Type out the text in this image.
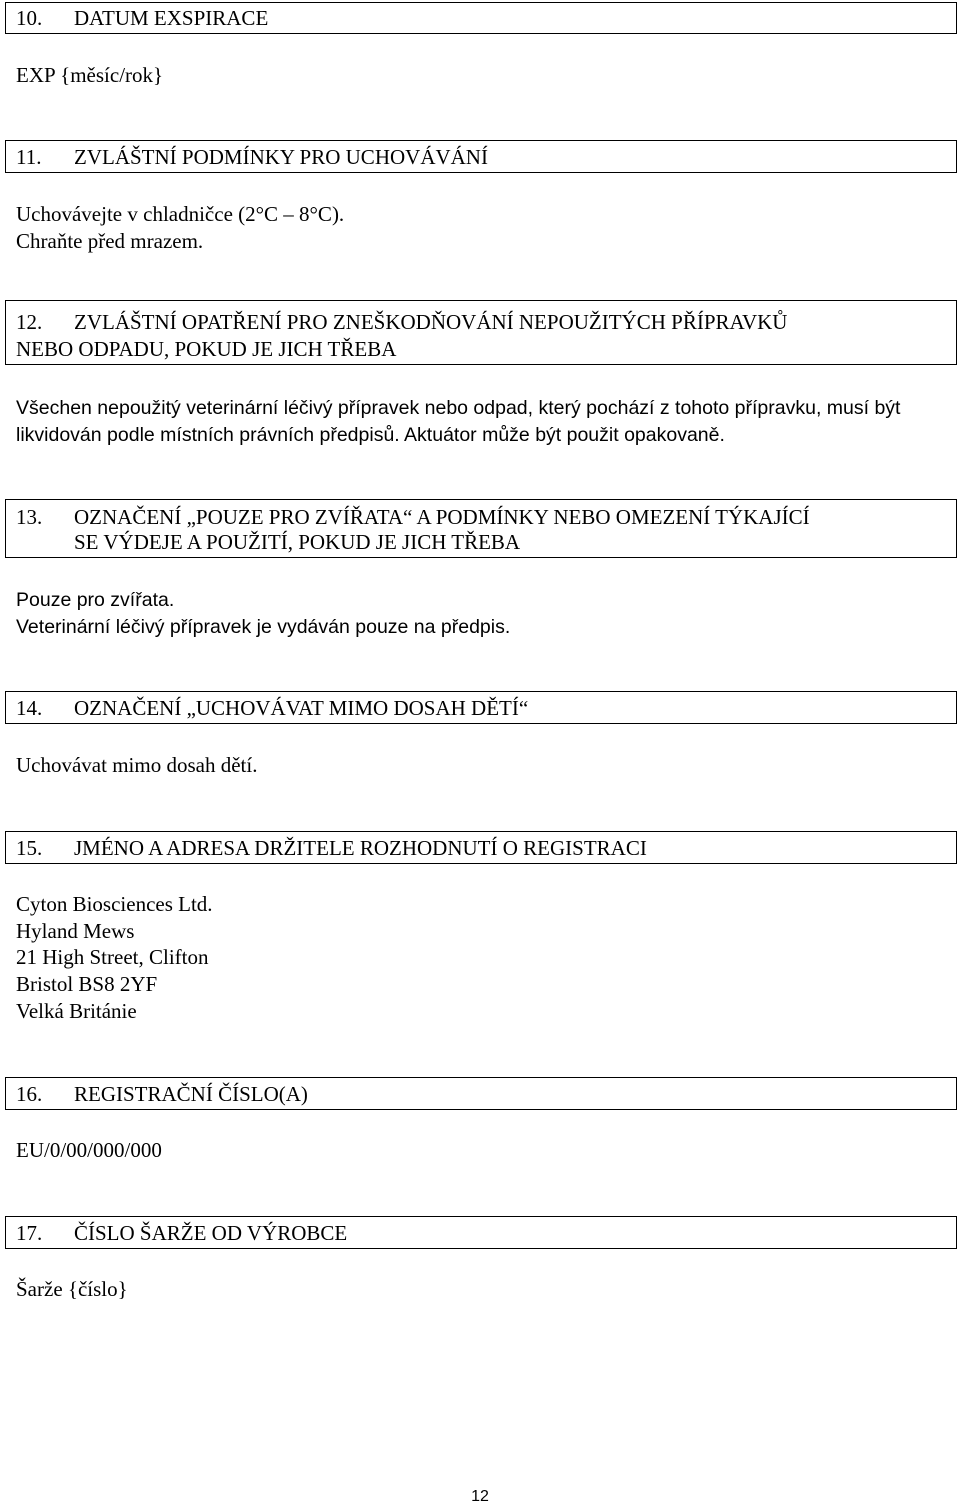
10. DATUM EXSPIRACE
EXP {měsíc/rok}
11. ZVLÁŠTNÍ PODMÍNKY PRO UCHOVÁVÁNÍ
Uchovávejte v chladničce (2°C – 8°C).
Chraňte před mrazem.
12. ZVLÁŠTNÍ OPATŘENÍ PRO ZNEŠKODŇOVÁNÍ NEPOUŽITÝCH PŘÍPRAVKŮ
NEBO ODPADU, POKUD JE JICH TŘEBA
Všechen nepoužitý veterinární léčivý přípravek nebo odpad, který pochází z tohoto přípravku, musí být
likvidován podle místních právních předpisů. Aktuátor může být použit opakovaně.
13. OZNAČENÍ „POUZE PRO ZVÍŘATA“ A PODMÍNKY NEBO OMEZENÍ TÝKAJÍCÍ
SE VÝDEJE A POUŽITÍ, POKUD JE JICH TŘEBA
Pouze pro zvířata.
Veterinární léčivý přípravek je vydáván pouze na předpis.
14. OZNAČENÍ „UCHOVÁVAT MIMO DOSAH DĚTÍ“
Uchovávat mimo dosah dětí.
15. JMÉNO A ADRESA DRŽITELE ROZHODNUTÍ O REGISTRACI
Cyton Biosciences Ltd.
Hyland Mews
21 High Street, Clifton
Bristol BS8 2YF
Velká Británie
16. REGISTRAČNÍ ČÍSLO(A)
EU/0/00/000/000
17. ČÍSLO ŠARŽE OD VÝROBCE
Šarže {číslo}
12
